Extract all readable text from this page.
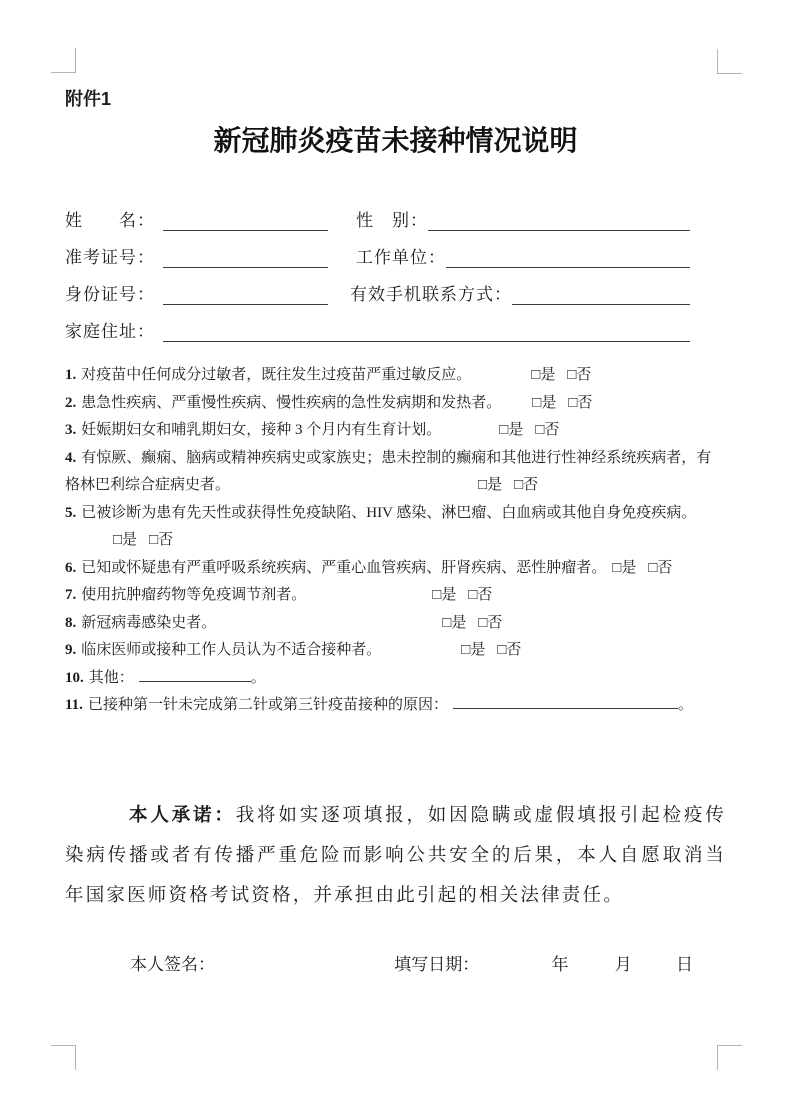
附件1
新冠肺炎疫苗未接种情况说明
姓　　名：	性　别：
准考证号：	工作单位：
身份证号：	有效手机联系方式：
家庭住址：
1. 对疫苗中任何成分过敏者，既往发生过疫苗严重过敏反应。	□是 □否
2. 患急性疾病、严重慢性疾病、慢性疾病的急性发病期和发热者。 □是 □否
3. 妊娠期妇女和哺乳期妇女，接种 3 个月内有生育计划。	□是 □否
4. 有惊厥、癫痫、脑病或精神疾病史或家族史；患未控制的癫痫和其他进行性神经系统疾病者，有格林巴利综合症病史者。	□是 □否
5. 已被诊断为患有先天性或获得性免疫缺陷、HIV 感染、淋巴瘤、白血病或其他自身免疫疾病。
□是 □否
6. 已知或怀疑患有严重呼吸系统疾病、严重心血管疾病、肝肾疾病、恶性肿瘤者。 □是 □否
7. 使用抗肿瘤药物等免疫调节剂者。	□是 □否
8. 新冠病毒感染史者。	□是 □否
9. 临床医师或接种工作人员认为不适合接种者。	□是 □否
10. 其他：	。
11. 已接种第一针未完成第二针或第三针疫苗接种的原因：	。

本人承诺：我将如实逐项填报，如因隐瞒或虚假填报引起检疫传染病传播或者有传播严重危险而影响公共安全的后果，本人自愿取消当年国家医师资格考试资格，并承担由此引起的相关法律责任。

本人签名：	填写日期：	年	月	日
